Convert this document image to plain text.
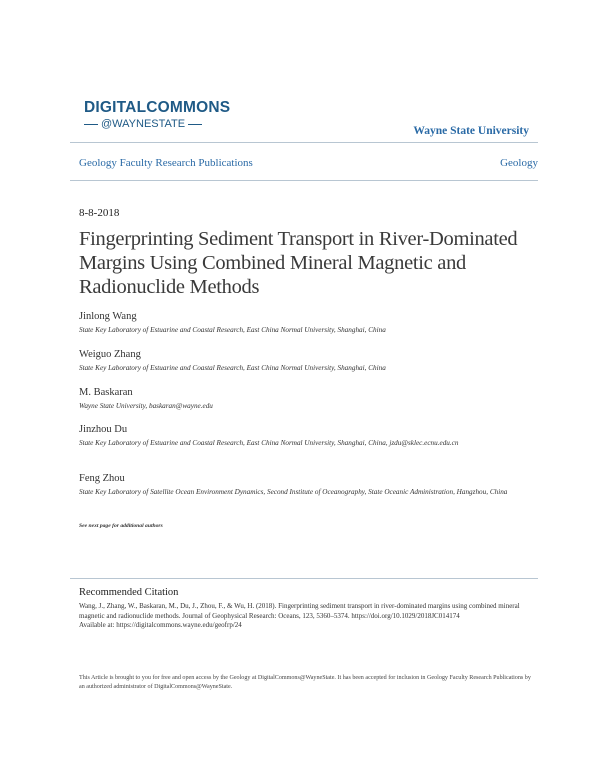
DIGITALCOMMONS
@WAYNESTATE
Wayne State University
Geology Faculty Research Publications	Geology
8-8-2018
Fingerprinting Sediment Transport in River-Dominated Margins Using Combined Mineral Magnetic and Radionuclide Methods
Jinlong Wang
State Key Laboratory of Estuarine and Coastal Research, East China Normal University, Shanghai, China
Weiguo Zhang
State Key Laboratory of Estuarine and Coastal Research, East China Normal University, Shanghai, China
M. Baskaran
Wayne State University, baskaran@wayne.edu
Jinzhou Du
State Key Laboratory of Estuarine and Coastal Research, East China Normal University, Shanghai, China, jzdu@sklec.ecnu.edu.cn
Feng Zhou
State Key Laboratory of Satellite Ocean Environment Dynamics, Second Institute of Oceanography, State Oceanic Administration, Hangzhou, China
See next page for additional authors
Recommended Citation
Wang, J., Zhang, W., Baskaran, M., Du, J., Zhou, F., & Wu, H. (2018). Fingerprinting sediment transport in river-dominated margins using combined mineral magnetic and radionuclide methods. Journal of Geophysical Research: Oceans, 123, 5360–5374. https://doi.org/10.1029/2018JC014174
Available at: https://digitalcommons.wayne.edu/geofrp/24
This Article is brought to you for free and open access by the Geology at DigitalCommons@WayneState. It has been accepted for inclusion in Geology Faculty Research Publications by an authorized administrator of DigitalCommons@WayneState.
